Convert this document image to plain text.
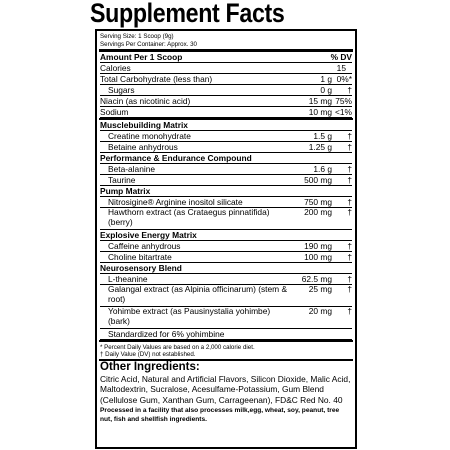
Supplement Facts
Serving Size: 1 Scoop (9g)
Servings Per Container: Approx. 30
Amount Per 1 Scoop	% DV
Calories	15
Total Carbohydrate (less than)	1 g 0%*
Sugars	0 g	†
Niacin (as nicotinic acid)	15 mg 75%
Sodium	10 mg <1%
Musclebuilding Matrix
Creatine monohydrate	1.5 g	†
Betaine anhydrous	1.25 g	†
Performance & Endurance Compound
Beta-alanine	1.6 g	†
Taurine	500 mg	†
Pump Matrix
Nitrosigine® Arginine inositol silicate	750 mg	†
Hawthorn extract (as Crataegus pinnatifida) (berry)
200 mg	†
Explosive Energy Matrix
Caffeine anhydrous	190 mg	†
Choline bitartrate	100 mg	†
Neurosensory Blend
L-theanine	62.5 mg	†
Galangal extract (as Alpinia officinarum) (stem & root)
25 mg	†
Yohimbe extract (as Pausinystalia yohimbe) (bark)
20 mg	†
Standardized for 6% yohimbine
* Percent Daily Values are based on a 2,000 calorie diet.
† Daily Value (DV) not established.
Other Ingredients:
Citric Acid, Natural and Artificial Flavors, Silicon Dioxide, Malic Acid, Maltodextrin, Sucralose, Acesulfame-Potassium, Gum Blend (Cellulose Gum, Xanthan Gum, Carrageenan), FD&C Red No. 40
Processed in a facility that also processes milk,egg, wheat, soy, peanut, tree nut, fish and shellfish ingredients.
